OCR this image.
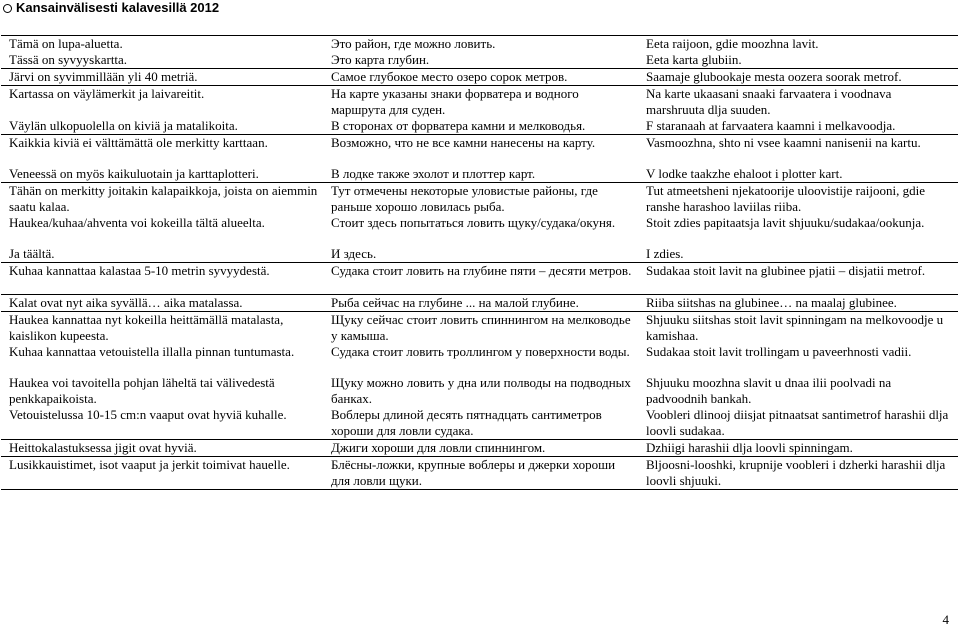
Kansainvälisesti kalavesillä 2012
Tämä on lupa-aluetta.	Это район, где можно ловить.	Eeta raijoon, gdie moozhna lavit.
Tässä on syvyyskartta.	Это карта глубин.	Eeta karta glubiin.
Järvi on syvimmillään yli 40 metriä.	Самое глубокое место озеро сорок метров.	Saamaje glubookaje mesta oozera soorak metrof.
Kartassa on väylämerkit ja laivareitit.	На карте указаны знаки форватера и водного маршрута для суден.	Na karte ukaasani snaaki farvaatera i voodnava marshruuta dlja suuden.
Väylän ulkopuolella on kiviä ja matalikoita.	В сторонах от форватера камни и мелководья.	F staranaah at farvaatera kaamni i melkavoodja.
Kaikkia kiviä ei välttämättä ole merkitty karttaan.	Возможно, что не все камни нанесены на карту.	Vasmoozhna, shto ni vsee kaamni nanisenii na kartu.
Veneessä on myös kaikuluotain ja karttaplotteri.	В лодке также эхолот и плоттер карт.	V lodke taakzhe ehaloot i plotter kart.
Tähän on merkitty joitakin kalapaikkoja, joista on aiemmin saatu kalaa.	Тут отмечены некоторые уловистые районы, где раньше хорошо ловилась рыба.	Tut atmeetsheni njekatoorije uloovistije raijooni, gdie ranshe harashoo laviilas riiba.
Haukea/kuhaa/ahventa voi kokeilla tältä alueelta.	Стоит здесь попытаться ловить щуку/судака/окуня.	Stoit zdies papitaatsja lavit shjuuku/sudakaa/ookunja.
Ja täältä.	И здесь.	I zdies.
Kuhaa kannattaa kalastaa 5-10 metrin syvyydestä.	Судака стоит ловить на глубине пяти – десяти метров.	Sudakaa stoit lavit na glubinee pjatii – disjatii metrof.
Kalat ovat nyt aika syvällä… aika matalassa.	Рыба сейчас на глубине ... на малой глубине.	Riiba siitshas na glubinee… na maalaj glubinee.
Haukea kannattaa nyt kokeilla heittämällä matalasta, kaislikon kupeesta.	Щуку сейчас стоит ловить спиннингом на мелководье у камыша.	Shjuuku siitshas stoit lavit spinningam na melkovoodje u kamishaa.
Kuhaa kannattaa vetouistella illalla pinnan tuntumasta.	Судака стоит ловить троллингом у поверхности воды.	Sudakaa stoit lavit trollingam u paveerhnosti vadii.
Haukea voi tavoitella pohjan läheltä tai välivedestä penkkapaikoista.	Щуку можно ловить у дна или полводы на подводных банках.	Shjuuku moozhna slavit u dnaa ilii poolvadi na padvoodnih bankah.
Vetouistelussa 10-15 cm:n vaaput ovat hyviä kuhalle.	Воблеры длиной десять пятнадцать сантиметров хороши для ловли судака.	Voobleri dlinooj diisjat pitnaatsat santimetrof harashii dlja loovli sudakaa.
Heittokalastuksessa jigit ovat hyviä.	Джиги хороши для ловли спиннингом.	Dzhiigi harashii dlja loovli spinningam.
Lusikkauistimet, isot vaaput ja jerkit toimivat hauelle.	Блёсны-ложки, крупные воблеры и джерки хороши для ловли щуки.	Bljoosni-looshki, krupnije voobleri i dzherki harashii dlja loovli shjuuki.
4
